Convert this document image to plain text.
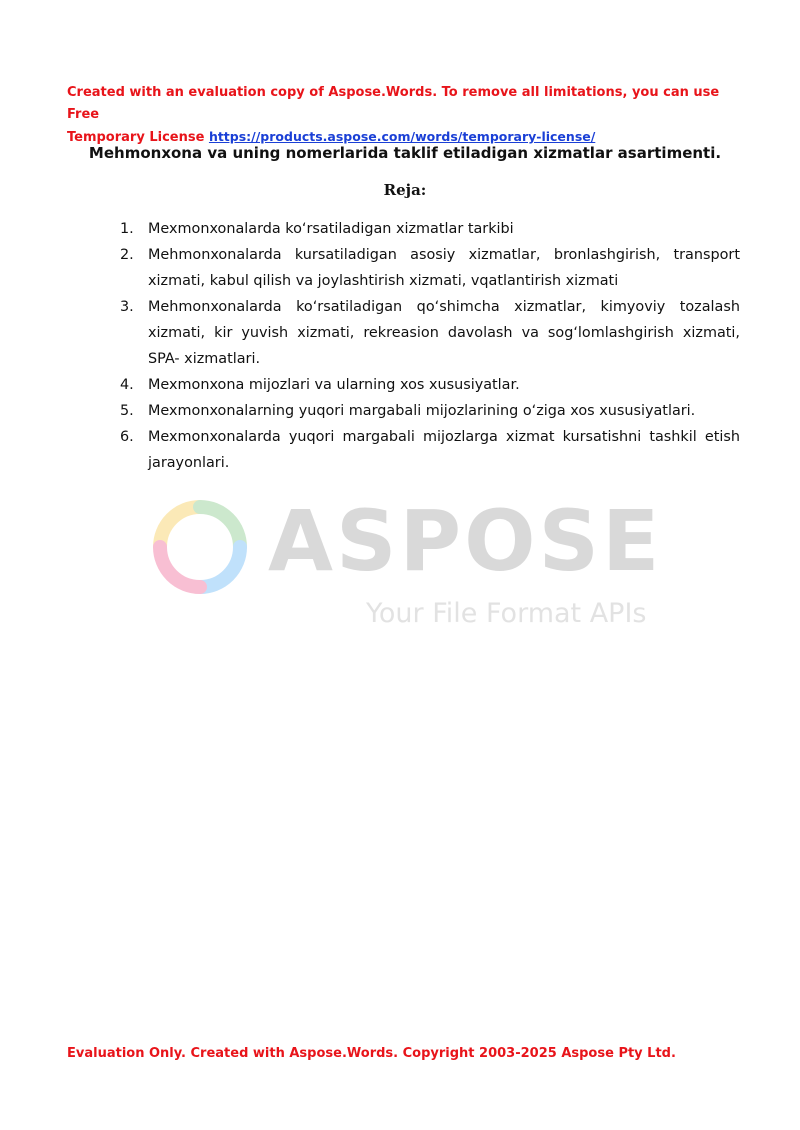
Created with an evaluation copy of Aspose.Words. To remove all limitations, you can use Free
Temporary License https://products.aspose.com/words/temporary-license/
Mehmonxona va uning nomerlarida taklif etiladigan xizmatlar asartimenti.
Reja:
1. Mexmonxonalarda ko‘rsatiladigan xizmatlar tarkibi
2. Mehmonxonalarda kursatiladigan asosiy xizmatlar, bronlashgirish, transport xizmati, kabul qilish va joylashtirish xizmati, vqatlantirish xizmati
3. Mehmonxonalarda ko‘rsatiladigan qo‘shimcha xizmatlar, kimyoviy tozalash xizmati, kir yuvish xizmati, rekreasion davolash va sog‘lomlashgirish xizmati, SPA- xizmatlari.
4. Mexmonxona mijozlari va ularning xos xususiyatlar.
5. Mexmonxonalarning yuqori margabali mijozlarining o‘ziga xos xususiyatlari.
6. Mexmonxonalarda yuqori margabali mijozlarga xizmat kursatishni tashkil etish jarayonlari.
ASPOSE
Your File Format APIs
Evaluation Only. Created with Aspose.Words. Copyright 2003-2025 Aspose Pty Ltd.
